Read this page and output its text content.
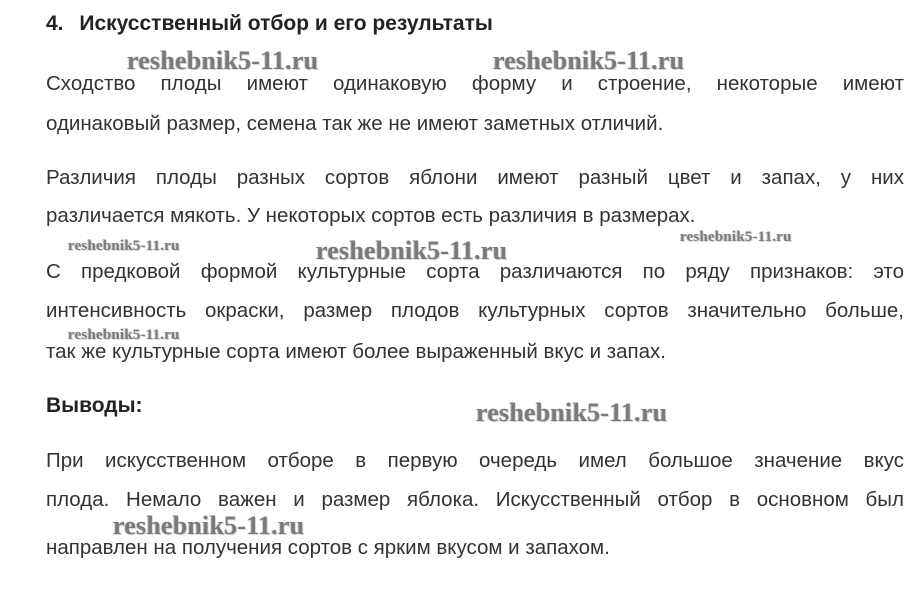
4. Искусственный отбор и его результаты
Сходство плоды имеют одинаковую форму и строение, некоторые имеют
одинаковый размер, семена так же не имеют заметных отличий.
Различия плоды разных сортов яблони имеют разный цвет и запах, у них
различается мякоть. У некоторых сортов есть различия в размерах.
С предковой формой культурные сорта различаются по ряду признаков: это
интенсивность окраски, размер плодов культурных сортов значительно больше,
так же культурные сорта имеют более выраженный вкус и запах.
Выводы:
При искусственном отборе в первую очередь имел большое значение вкус
плода. Немало важен и размер яблока. Искусственный отбор в основном был
направлен на получения сортов с ярким вкусом и запахом.
reshebnik5-11.ru	reshebnik5-11.ru
reshebnik5-11.ru	reshebnik5-11.ru	reshebnik5-11.ru
reshebnik5-11.ru
reshebnik5-11.ru
reshebnik5-11.ru
